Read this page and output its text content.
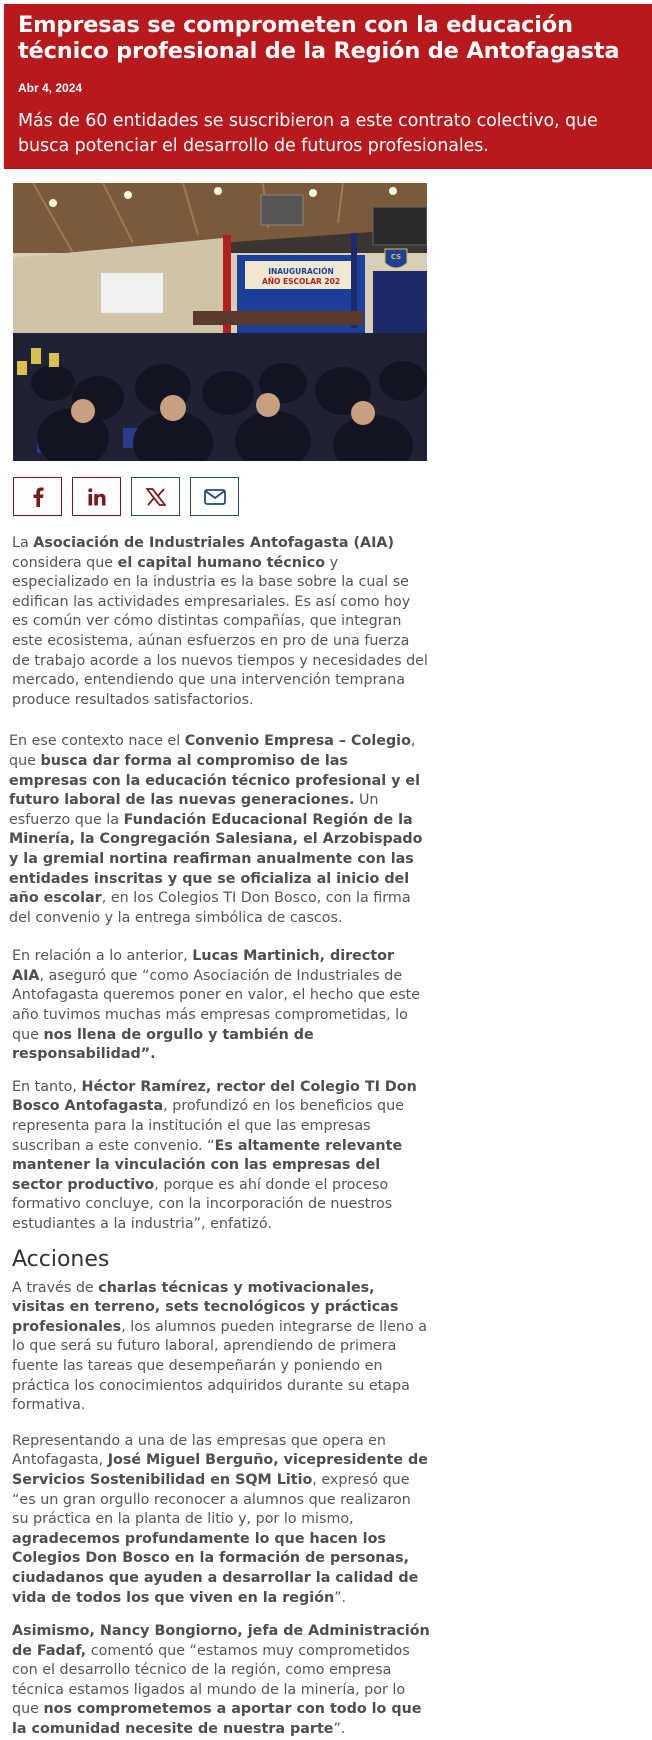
Empresas se comprometen con la educación técnico profesional de la Región de Antofagasta
Abr 4, 2024
Más de 60 entidades se suscribieron a este contrato colectivo, que busca potenciar el desarrollo de futuros profesionales.
INAUGURACIÓN
AÑO ESCOLAR 202
Buenos Cristianos – Honestos Ciudadanos
CS

La Asociación de Industriales Antofagasta (AIA) considera que el capital humano técnico y especializado en la industria es la base sobre la cual se edifican las actividades empresariales. Es así como hoy es común ver cómo distintas compañías, que integran este ecosistema, aúnan esfuerzos en pro de una fuerza de trabajo acorde a los nuevos tiempos y necesidades del mercado, entendiendo que una intervención temprana produce resultados satisfactorios.

En ese contexto nace el Convenio Empresa – Colegio, que busca dar forma al compromiso de las empresas con la educación técnico profesional y el futuro laboral de las nuevas generaciones. Un esfuerzo que la Fundación Educacional Región de la Minería, la Congregación Salesiana, el Arzobispado y la gremial nortina reafirman anualmente con las entidades inscritas y que se oficializa al inicio del año escolar, en los Colegios TI Don Bosco, con la firma del convenio y la entrega simbólica de cascos.

En relación a lo anterior, Lucas Martinich, director AIA, aseguró que “como Asociación de Industriales de Antofagasta queremos poner en valor, el hecho que este año tuvimos muchas más empresas comprometidas, lo que nos llena de orgullo y también de responsabilidad”.

En tanto, Héctor Ramírez, rector del Colegio TI Don Bosco Antofagasta, profundizó en los beneficios que representa para la institución el que las empresas suscriban a este convenio. “Es altamente relevante mantener la vinculación con las empresas del sector productivo, porque es ahí donde el proceso formativo concluye, con la incorporación de nuestros estudiantes a la industria”, enfatizó.

Acciones

A través de charlas técnicas y motivacionales, visitas en terreno, sets tecnológicos y prácticas profesionales, los alumnos pueden integrarse de lleno a lo que será su futuro laboral, aprendiendo de primera fuente las tareas que desempeñarán y poniendo en práctica los conocimientos adquiridos durante su etapa formativa.

Representando a una de las empresas que opera en Antofagasta, José Miguel Berguño, vicepresidente de Servicios Sostenibilidad en SQM Litio, expresó que “es un gran orgullo reconocer a alumnos que realizaron su práctica en la planta de litio y, por lo mismo, agradecemos profundamente lo que hacen los Colegios Don Bosco en la formación de personas, ciudadanos que ayuden a desarrollar la calidad de vida de todos los que viven en la región”.

Asimismo, Nancy Bongiorno, jefa de Administración de Fadaf, comentó que “estamos muy comprometidos con el desarrollo técnico de la región, como empresa técnica estamos ligados al mundo de la minería, por lo que nos comprometemos a aportar con todo lo que la comunidad necesite de nuestra parte”.
